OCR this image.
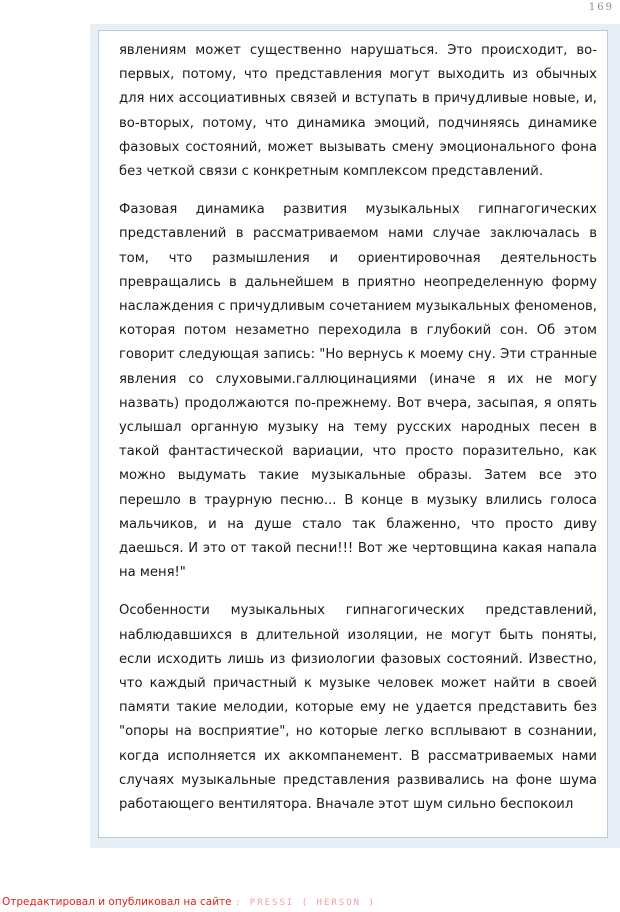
169

явлениям может существенно нарушаться. Это происходит, во-первых, потому, что представления могут выходить из обычных для них ассоциативных связей и вступать в причудливые новые, и, во-вторых, потому, что динамика эмоций, подчиняясь динамике фазовых состояний, может вызывать смену эмоционального фона без четкой связи с конкретным комплексом представлений.

Фазовая динамика развития музыкальных гипнагогических представлений в рассматриваемом нами случае заключалась в том, что размышления и ориентировочная деятельность превращались в дальнейшем в приятно неопределенную форму наслаждения с причудливым сочетанием музыкальных феноменов, которая потом незаметно переходила в глубокий сон. Об этом говорит следующая запись: "Но вернусь к моему сну. Эти странные явления со слуховыми.галлюцинациями (иначе я их не могу назвать) продолжаются по-прежнему. Вот вчера, засыпая, я опять услышал органную музыку на тему русских народных песен в такой фантастической вариации, что просто поразительно, как можно выдумать такие музыкальные образы. Затем все это перешло в траурную песню... В конце в музыку влились голоса мальчиков, и на душе стало так блаженно, что просто диву даешься. И это от такой песни!!! Вот же чертовщина какая напала на меня!"

Особенности музыкальных гипнагогических представлений, наблюдавшихся в длительной изоляции, не могут быть поняты, если исходить лишь из физиологии фазовых состояний. Известно, что каждый причастный к музыке человек может найти в своей памяти такие мелодии, которые ему не удается представить без "опоры на восприятие", но которые легко всплывают в сознании, когда исполняется их аккомпанемент. В рассматриваемых нами случаях музыкальные представления развивались на фоне шума работающего вентилятора. Вначале этот шум сильно беспокоил

Отредактировал и опубликовал на сайте : PRESSI ( HERSON )
